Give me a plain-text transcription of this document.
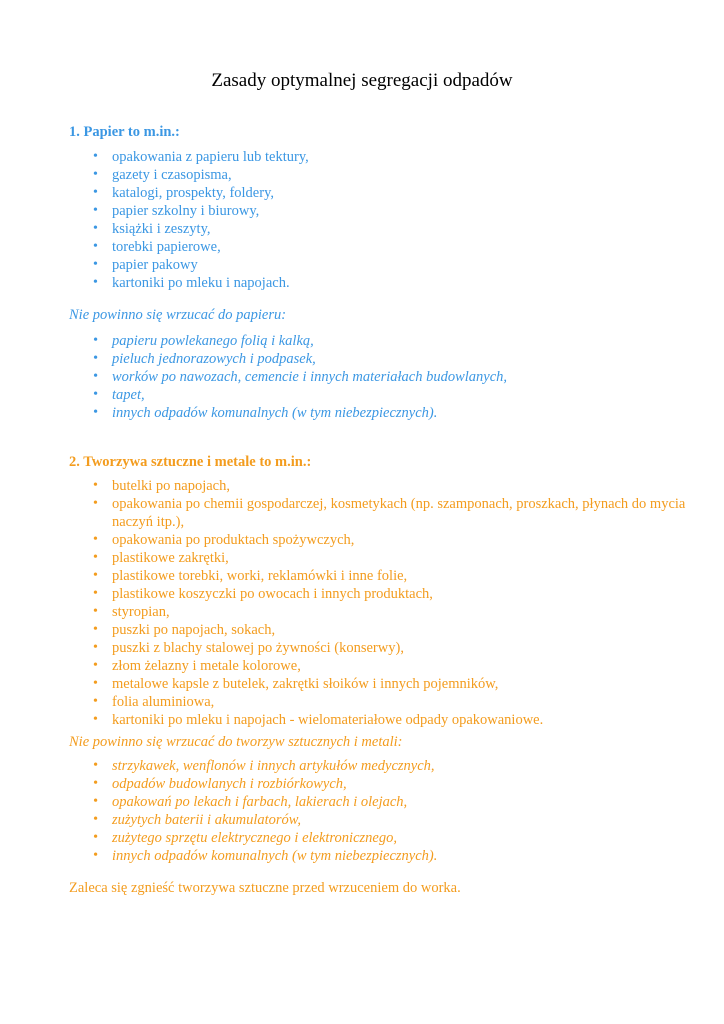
Zasady optymalnej segregacji odpadów
1. Papier to m.in.:
• opakowania z papieru lub tektury,
• gazety i czasopisma,
• katalogi, prospekty, foldery,
• papier szkolny i biurowy,
• książki i zeszyty,
• torebki papierowe,
• papier pakowy
• kartoniki po mleku i napojach.
Nie powinno się wrzucać do papieru:
• papieru powlekanego folią i kalką,
• pieluch jednorazowych i podpasek,
• worków po nawozach, cemencie i innych materiałach budowlanych,
• tapet,
• innych odpadów komunalnych (w tym niebezpiecznych).
2. Tworzywa sztuczne i metale to m.in.:
• butelki po napojach,
• opakowania po chemii gospodarczej, kosmetykach (np. szamponach, proszkach, płynach do mycia naczyń itp.),
• opakowania po produktach spożywczych,
• plastikowe zakrętki,
• plastikowe torebki, worki, reklamówki i inne folie,
• plastikowe koszyczki po owocach i innych produktach,
• styropian,
• puszki po napojach, sokach,
• puszki z blachy stalowej po żywności (konserwy),
• złom żelazny i metale kolorowe,
• metalowe kapsle z butelek, zakrętki słoików i innych pojemników,
• folia aluminiowa,
• kartoniki po mleku i napojach - wielomateriałowe odpady opakowaniowe.
Nie powinno się wrzucać do tworzyw sztucznych i metali:
• strzykawek, wenflonów i innych artykułów medycznych,
• odpadów budowlanych i rozbiórkowych,
• opakowań po lekach i farbach, lakierach i olejach,
• zużytych baterii i akumulatorów,
• zużytego sprzętu elektrycznego i elektronicznego,
• innych odpadów komunalnych (w tym niebezpiecznych).
Zaleca się zgnieść tworzywa sztuczne przed wrzuceniem do worka.
